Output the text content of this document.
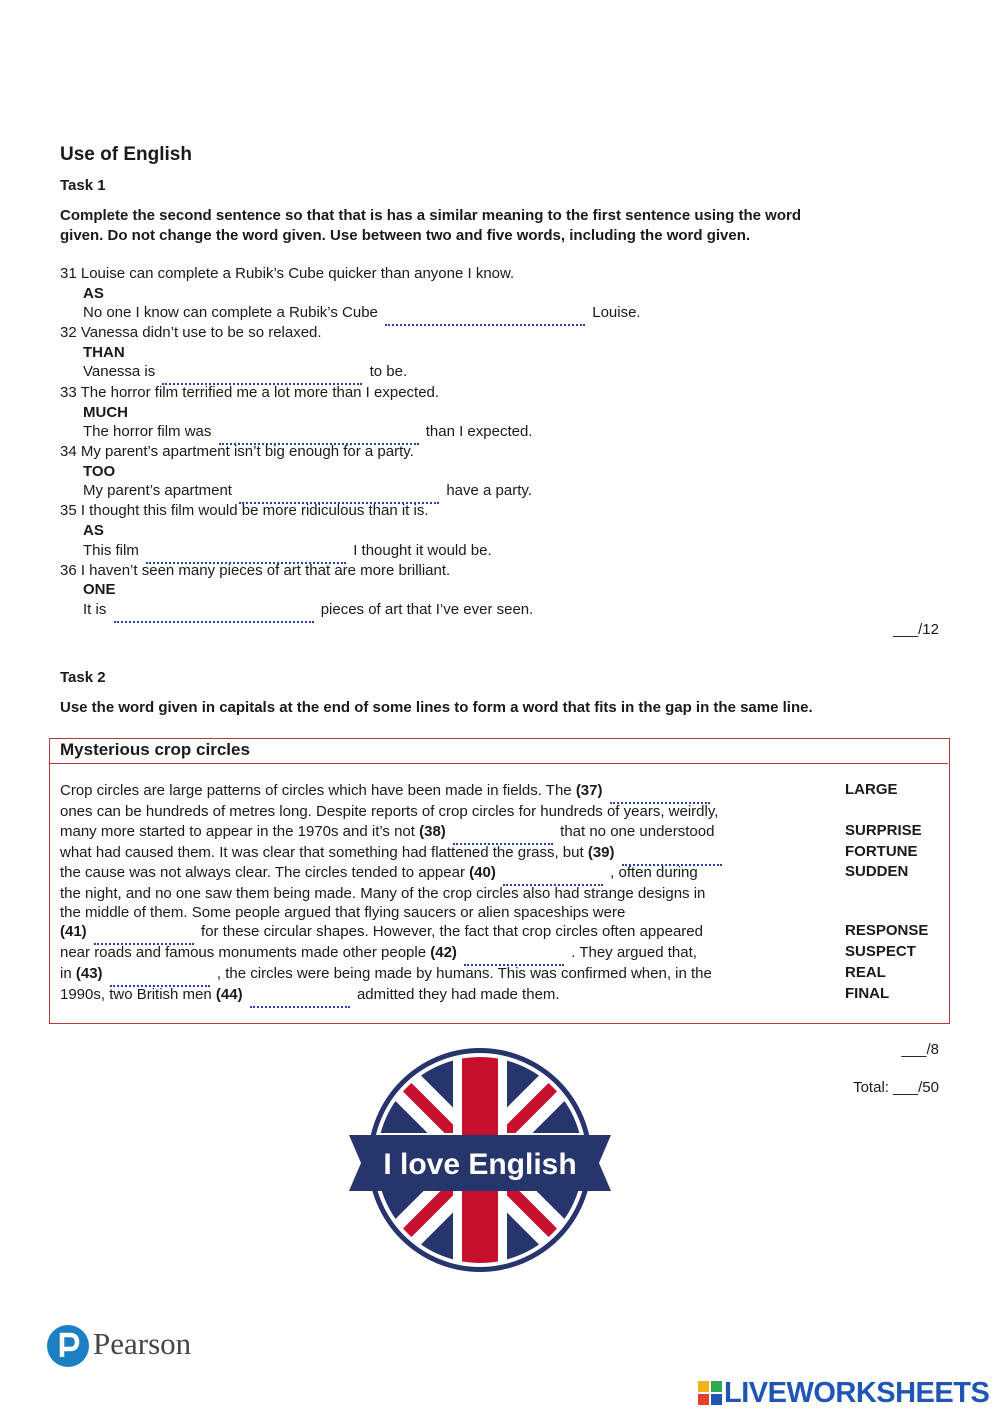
Use of English
Task 1
Complete the second sentence so that that is has a similar meaning to the first sentence using the word
given. Do not change the word given. Use between two and five words, including the word given.
31 Louise can complete a Rubik’s Cube quicker than anyone I know.
AS
No one I know can complete a Rubik’s Cube	Louise.
32 Vanessa didn’t use to be so relaxed.
THAN
Vanessa is	to be.
33 The horror film terrified me a lot more than I expected.
MUCH
The horror film was	than I expected.
34 My parent’s apartment isn’t big enough for a party.
TOO
My parent’s apartment	have a party.
35 I thought this film would be more ridiculous than it is.
AS
This film	I thought it would be.
36 I haven’t seen many pieces of art that are more brilliant.
ONE
It is	pieces of art that I’ve ever seen.
___/12
Task 2
Use the word given in capitals at the end of some lines to form a word that fits in the gap in the same line.
Mysterious crop circles
Crop circles are large patterns of circles which have been made in fields. The (37)
ones can be hundreds of metres long. Despite reports of crop circles for hundreds of years, weirdly,
many more started to appear in the 1970s and it’s not (38)	that no one understood
what had caused them. It was clear that something had flattened the grass, but (39)
the cause was not always clear. The circles tended to appear (40)	, often during
the night, and no one saw them being made. Many of the crop circles also had strange designs in
the middle of them. Some people argued that flying saucers or alien spaceships were
(41)	for these circular shapes. However, the fact that crop circles often appeared
near roads and famous monuments made other people (42)	. They argued that,
in (43)	, the circles were being made by humans. This was confirmed when, in the
1990s, two British men (44)	admitted they had made them.
LARGE
SURPRISE
FORTUNE
SUDDEN
RESPONSE
SUSPECT
REAL
FINAL
___/8
Total: ___/50
I love English
Pearson
LIVEWORKSHEETS
